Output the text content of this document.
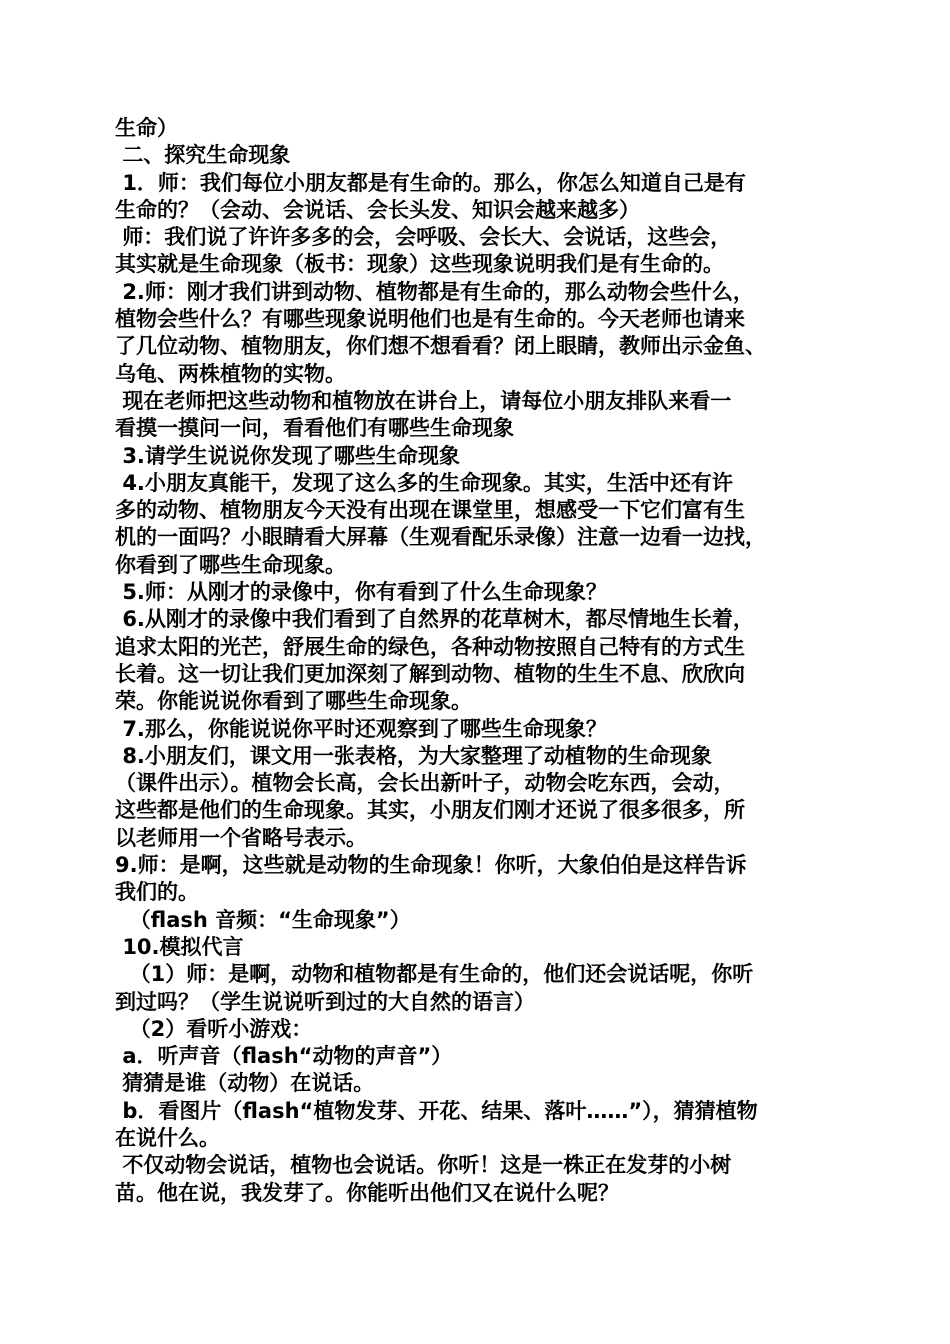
生命）

二、探究生命现象

1．师：我们每位小朋友都是有生命的。那么，你怎么知道自己是有

生命的？（会动、会说话、会长头发、知识会越来越多）

师：我们说了许许多多的会，会呼吸、会长大、会说话，这些会，

其实就是生命现象（板书：现象）这些现象说明我们是有生命的。

2.师：刚才我们讲到动物、植物都是有生命的，那么动物会些什么，

植物会些什么？有哪些现象说明他们也是有生命的。今天老师也请来

了几位动物、植物朋友，你们想不想看看？闭上眼睛，教师出示金鱼、

乌龟、两株植物的实物。

现在老师把这些动物和植物放在讲台上，请每位小朋友排队来看一

看摸一摸问一问，看看他们有哪些生命现象

3.请学生说说你发现了哪些生命现象

4.小朋友真能干，发现了这么多的生命现象。其实，生活中还有许

多的动物、植物朋友今天没有出现在课堂里，想感受一下它们富有生

机的一面吗？小眼睛看大屏幕（生观看配乐录像）注意一边看一边找，

你看到了哪些生命现象。

5.师：从刚才的录像中，你有看到了什么生命现象？

6.从刚才的录像中我们看到了自然界的花草树木，都尽情地生长着，

追求太阳的光芒，舒展生命的绿色，各种动物按照自己特有的方式生

长着。这一切让我们更加深刻了解到动物、植物的生生不息、欣欣向

荣。你能说说你看到了哪些生命现象。

7.那么，你能说说你平时还观察到了哪些生命现象？

8.小朋友们，课文用一张表格，为大家整理了动植物的生命现象

（课件出示）。植物会长高，会长出新叶子，动物会吃东西，会动，

这些都是他们的生命现象。其实，小朋友们刚才还说了很多很多，所

以老师用一个省略号表示。

9.师：是啊，这些就是动物的生命现象！你听，大象伯伯是这样告诉

我们的。

（flash 音频：“生命现象”）

10.模拟代言

（1）师：是啊，动物和植物都是有生命的，他们还会说话呢，你听

到过吗？（学生说说听到过的大自然的语言）

（2）看听小游戏：

a．听声音（flash“动物的声音”）

猜猜是谁（动物）在说话。

b．看图片（flash“植物发芽、开花、结果、落叶……”），猜猜植物

在说什么。

不仅动物会说话，植物也会说话。你听！这是一株正在发芽的小树

苗。他在说，我发芽了。你能听出他们又在说什么呢？
